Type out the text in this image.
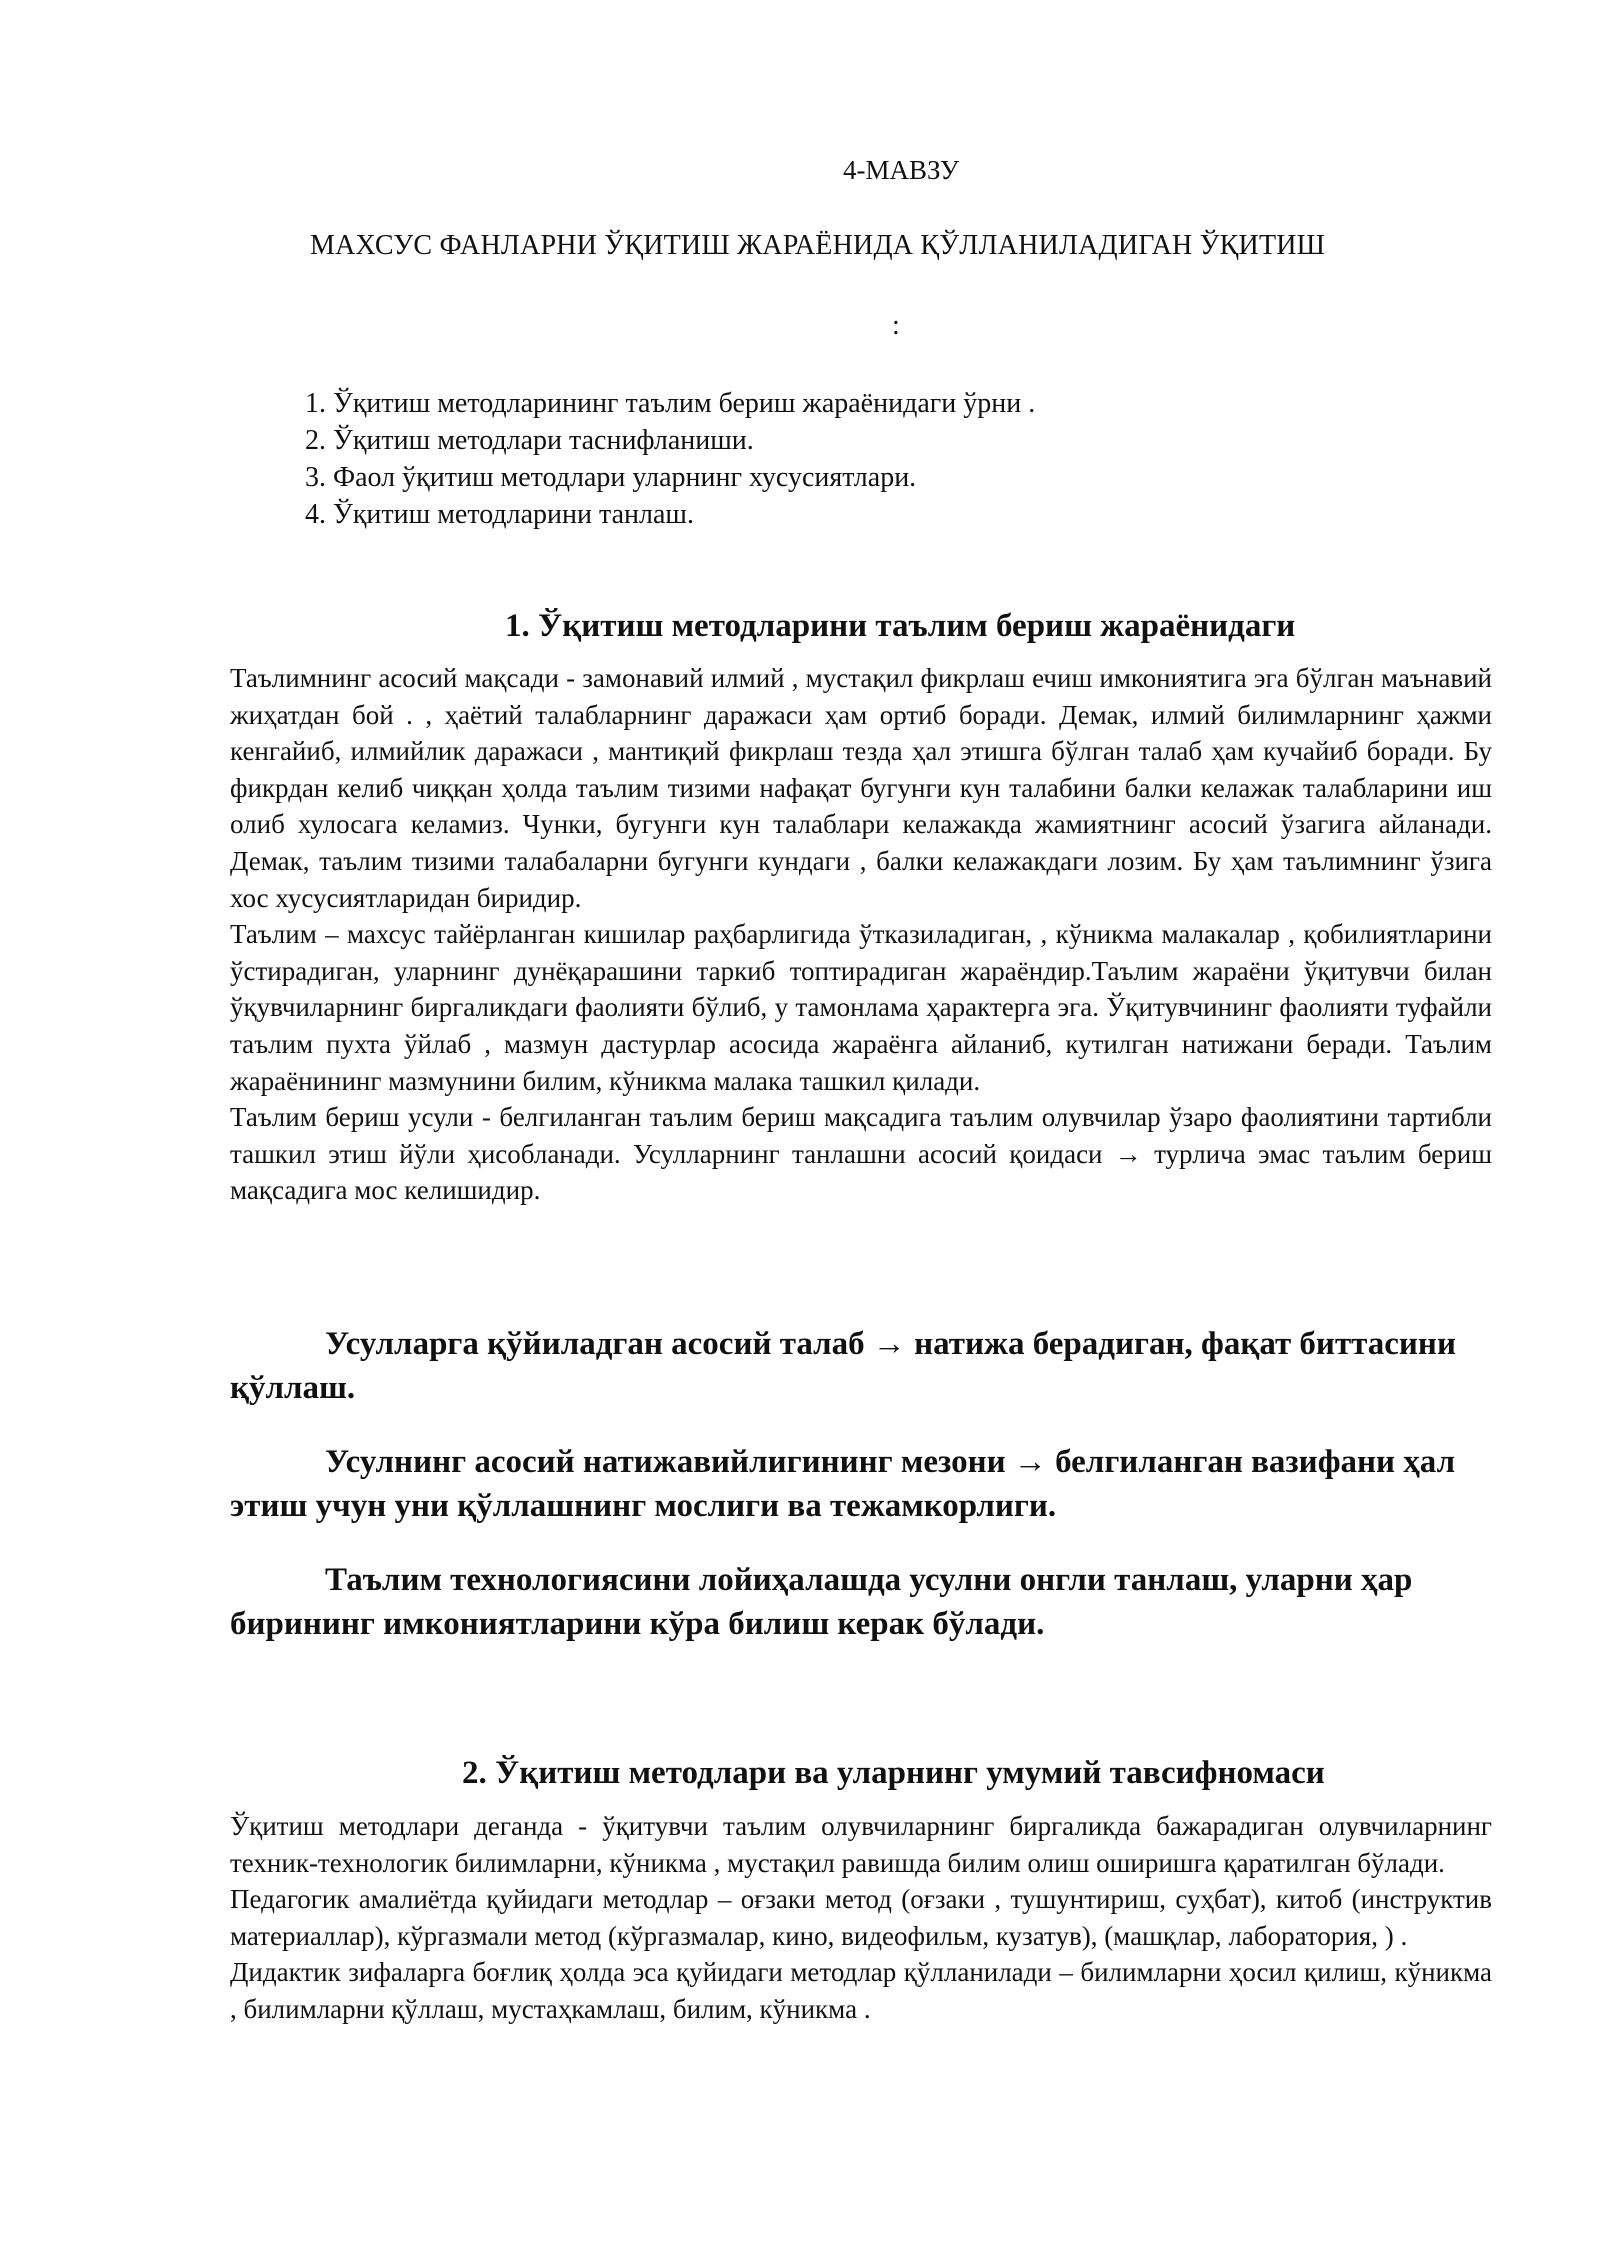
4-МАВЗУ
МАХСУС ФАНЛАРНИ ЎҚИТИШ ЖАРАЁНИДА ҚЎЛЛАНИЛАДИГАН ЎҚИТИШ
:
1. Ўқитиш методларининг таълим бериш жараёнидаги ўрни .
2. Ўқитиш методлари таснифланиши.
3. Фаол ўқитиш методлари уларнинг хусусиятлари.
4. Ўқитиш методларини танлаш.
1. Ўқитиш методларини таълим бериш жараёнидаги

Таълимнинг асосий мақсади - замонавий илмий , мустақил фикрлаш ечиш имкониятига эга бўлган маънавий жиҳатдан бой . , ҳаётий талабларнинг даражаси ҳам ортиб боради. Демак, илмий билимларнинг ҳажми кенгайиб, илмийлик даражаси , мантиқий фикрлаш тезда ҳал этишга бўлган талаб ҳам кучайиб боради. Бу фикрдан келиб чиққан ҳолда таълим тизими нафақат бугунги кун талабини балки келажак талабларини иш олиб хулосага келамиз. Чунки, бугунги кун талаблари келажакда жамиятнинг асосий ўзагига айланади. Демак, таълим тизими талабаларни бугунги кундаги , балки келажакдаги лозим. Бу ҳам таълимнинг ўзига хос хусусиятларидан биридир.

Таълим – махсус тайёрланган кишилар раҳбарлигида ўтказиладиган, , кўникма малакалар , қобилиятларини ўстирадиган, уларнинг дунёқарашини таркиб топтирадиган жараёндир.Таълим жараёни ўқитувчи билан ўқувчиларнинг биргаликдаги фаолияти бўлиб, у тамонлама ҳарактерга эга. Ўқитувчининг фаолияти туфайли таълим пухта ўйлаб , мазмун дастурлар асосида жараёнга айланиб, кутилган натижани беради. Таълим жараёнининг мазмунини билим, кўникма малака ташкил қилади.

Таълим бериш усули - белгиланган таълим бериш мақсадига таълим олувчилар ўзаро фаолиятини тартибли ташкил этиш йўли ҳисобланади. Усулларнинг танлашни асосий қоидаси → турлича эмас таълим бериш мақсадига мос келишидир.

Усулларга қўйиладган асосий талаб → натижа берадиган, фақат биттасини қўллаш.

Усулнинг асосий натижавийлигининг мезони → белгиланган вазифани ҳал этиш учун уни қўллашнинг мослиги ва тежамкорлиги.

Таълим технологиясини лойиҳалашда усулни онгли танлаш, уларни ҳар бирининг имкониятларини кўра билиш керак бўлади.

2. Ўқитиш методлари ва уларнинг умумий тавсифномаси

Ўқитиш методлари деганда - ўқитувчи таълим олувчиларнинг биргаликда бажарадиган олувчиларнинг техник-технологик билимларни, кўникма , мустақил равишда билим олиш оширишга қаратилган бўлади.

Педагогик амалиётда қуйидаги методлар – оғзаки метод (оғзаки , тушунтириш, суҳбат), китоб (инструктив материаллар), кўргазмали метод (кўргазмалар, кино, видеофильм, кузатув), (машқлар, лаборатория, ) .

Дидактик зифаларга боғлиқ ҳолда эса қуйидаги методлар қўлланилади – билимларни ҳосил қилиш, кўникма , билимларни қўллаш, мустаҳкамлаш, билим, кўникма .
